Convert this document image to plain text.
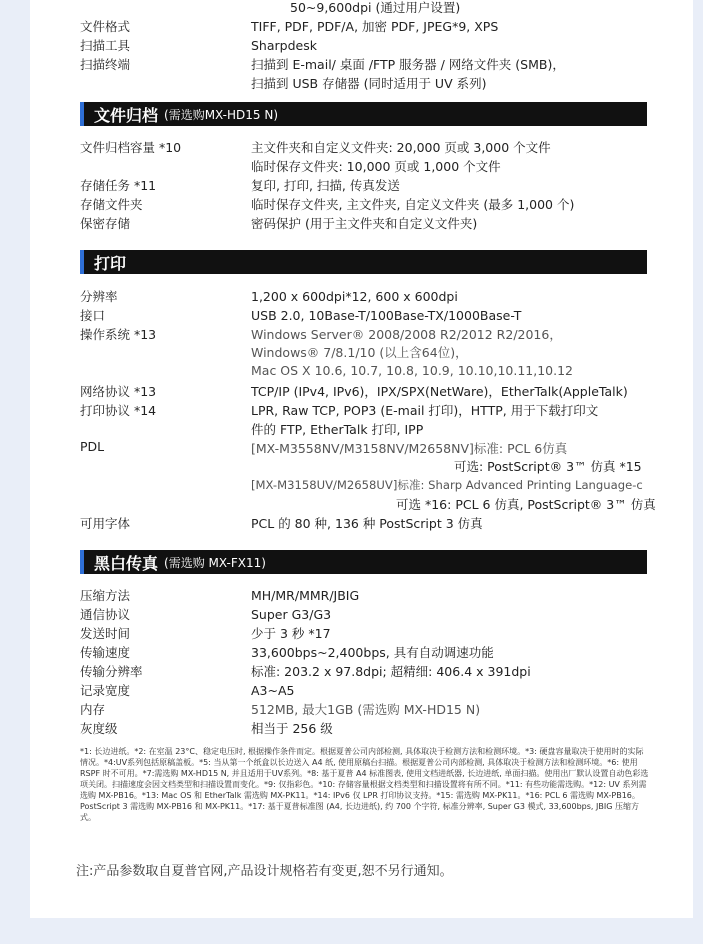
50~9,600dpi (通过用户设置)
文件格式	TIFF, PDF, PDF/A, 加密 PDF, JPEG*9, XPS
扫描工具	Sharpdesk
扫描终端	扫描到 E-mail/ 桌面 /FTP 服务器 / 网络文件夹 (SMB)，
扫描到 USB 存储器 (同时适用于 UV 系列)
文件归档 (需选购MX-HD15 N)
文件归档容量 *10	主文件夹和自定义文件夹: 20,000 页或 3,000 个文件
临时保存文件夹: 10,000 页或 1,000 个文件
存储任务 *11	复印, 打印, 扫描, 传真发送
存储文件夹	临时保存文件夹, 主文件夹, 自定义文件夹 (最多 1,000 个)
保密存储	密码保护 (用于主文件夹和自定义文件夹)
打印
分辨率	1,200 x 600dpi*12, 600 x 600dpi
接口	USB 2.0, 10Base-T/100Base-TX/1000Base-T
操作系统 *13	Windows Server® 2008/2008 R2/2012 R2/2016，
Windows® 7/8.1/10 (以上含64位)，
Mac OS X 10.6, 10.7, 10.8, 10.9, 10.10,10.11,10.12
网络协议 *13	TCP/IP (IPv4, IPv6)，IPX/SPX(NetWare)，EtherTalk(AppleTalk)
打印协议 *14	LPR, Raw TCP, POP3 (E-mail 打印)，HTTP, 用于下载打印文
件的 FTP, EtherTalk 打印, IPP
PDL	[MX-M3558NV/M3158NV/M2658NV]标准: PCL 6仿真
可选: PostScript® 3™ 仿真 *15
[MX-M3158UV/M2658UV]标准: Sharp Advanced Printing Language-c
可选 *16: PCL 6 仿真, PostScript® 3™ 仿真
可用字体	PCL 的 80 种, 136 种 PostScript 3 仿真
黑白传真 (需选购 MX-FX11)
压缩方法	MH/MR/MMR/JBIG
通信协议	Super G3/G3
发送时间	少于 3 秒 *17
传输速度	33,600bps~2,400bps, 具有自动调速功能
传输分辨率	标准: 203.2 x 97.8dpi; 超精细: 406.4 x 391dpi
记录宽度	A3~A5
内存	512MB, 最大1GB (需选购 MX-HD15 N)
灰度级	相当于 256 级
*1: 长边进纸。*2: 在室温 23°C、稳定电压时, 根据操作条件而定。根据夏普公司内部检测, 具体取决于检测方法和检测环境。*3: 硬盘容量取决于使用时的实际情况。*4:UV系列包括原稿盖板。*5: 当从第一个纸盒以长边送入 A4 纸, 使用原稿台扫描。根据夏普公司内部检测, 具体取决于检测方法和检测环境。*6: 使用 RSPF 时不可用。*7:需选购 MX-HD15 N, 并且适用于UV系列。*8: 基于夏普 A4 标准图表, 使用文档进纸器, 长边进纸, 单面扫描。使用出厂默认设置自动色彩选项关闭。扫描速度会因文档类型和扫描设置而变化。*9: 仅指彩色。*10: 存储容量根据文档类型和扫描设置将有所不同。*11: 有些功能需选购。*12: UV 系列需选购 MX-PB16。*13: Mac OS 和 EtherTalk 需选购 MX-PK11。*14: IPv6 仅 LPR 打印协议支持。*15: 需选购 MX-PK11。*16: PCL 6 需选购 MX-PB16。PostScript 3 需选购 MX-PB16 和 MX-PK11。*17: 基于夏普标准图 (A4, 长边进纸), 约 700 个字符, 标准分辨率, Super G3 模式, 33,600bps, JBIG 压缩方式。
注:产品参数取自夏普官网,产品设计规格若有变更,恕不另行通知。
